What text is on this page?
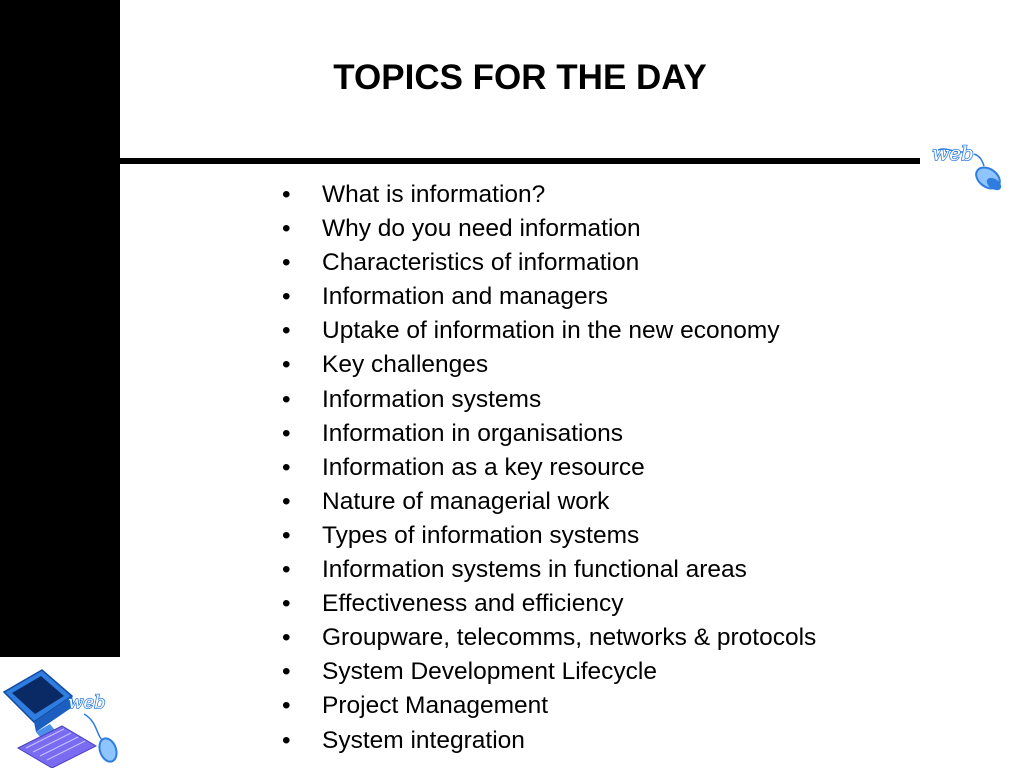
TOPICS FOR THE DAY
•	What is information?
•	Why do you need information
•	Characteristics of information
•	Information and managers
•	Uptake of information in the new economy
•	Key challenges
•	Information systems
•	Information in organisations
•	Information as a key resource
•	Nature of managerial work
•	Types of information systems
•	Information systems in functional areas
•	Effectiveness and efficiency
•	Groupware, telecomms, networks & protocols
•	System Development Lifecycle
•	Project Management
•	System integration
web
web
